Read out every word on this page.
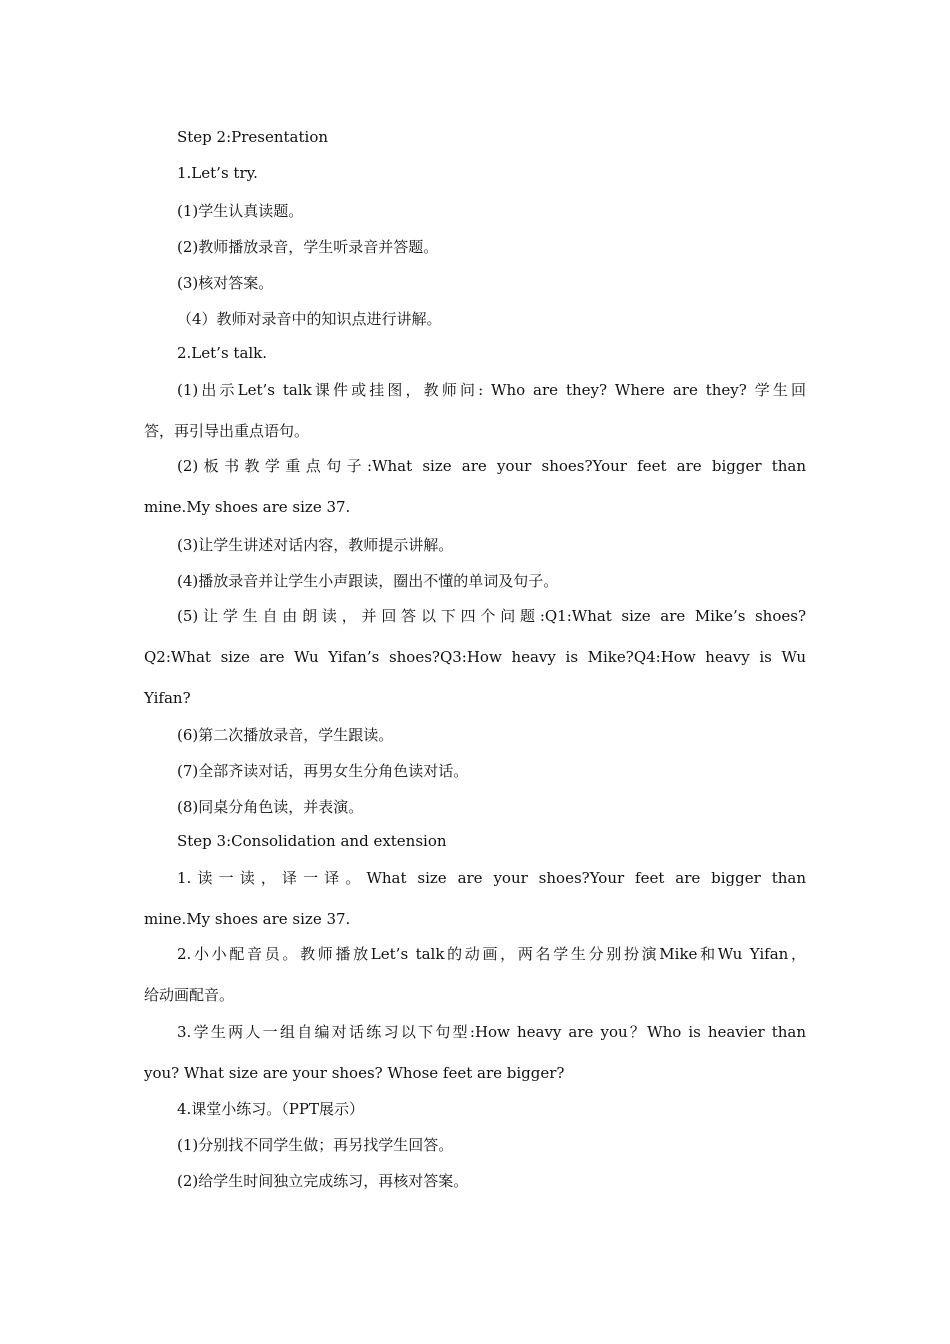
Step 2:Presentation

1.Let’s try.

(1)学生认真读题。

(2)教师播放录音，学生听录音并答题。

(3)核对答案。

（4）教师对录音中的知识点进行讲解。

2.Let’s talk.

(1)出示Let’s talk课件或挂图，教师问: Who are they? Where are they? 学生回
答，再引导出重点语句。
(2)板书教学重点句子:What size are your shoes?Your feet are bigger than
mine.My shoes are size 37.

(3)让学生讲述对话内容，教师提示讲解。

(4)播放录音并让学生小声跟读，圈出不懂的单词及句子。

(5)让学生自由朗读，并回答以下四个问题:Q1:What size are Mike’s shoes?
Q2:What size are Wu Yifan’s shoes?Q3:How heavy is Mike?Q4:How heavy is Wu
Yifan?

(6)第二次播放录音，学生跟读。

(7)全部齐读对话，再男女生分角色读对话。

(8)同桌分角色读，并表演。

Step 3:Consolidation and extension

1.读一读，译一译。What size are your shoes?Your feet are bigger than
mine.My shoes are size 37.
2.小小配音员。教师播放Let’s talk的动画，两名学生分别扮演Mike和Wu Yifan，
给动画配音。
3.学生两人一组自编对话练习以下句型:How heavy are you？Who is heavier than
you? What size are your shoes? Whose feet are bigger?

4.课堂小练习。（PPT展示）

(1)分别找不同学生做；再另找学生回答。

(2)给学生时间独立完成练习，再核对答案。
